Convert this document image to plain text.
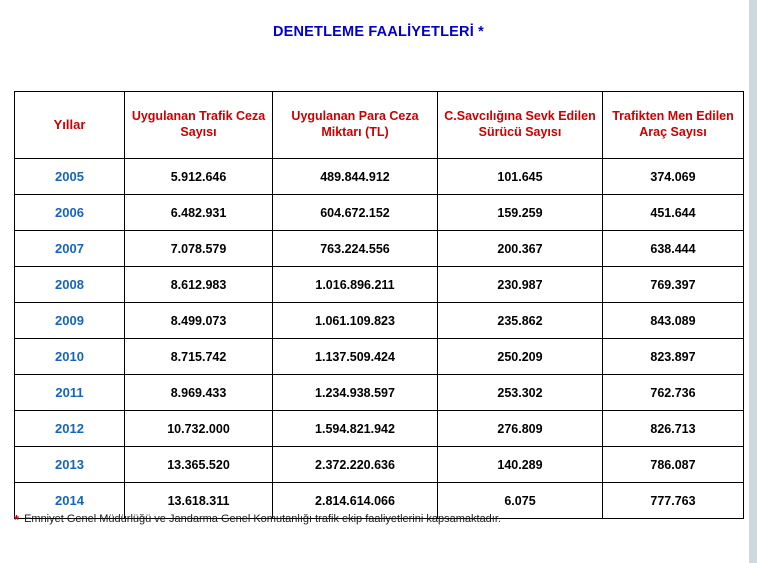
DENETLEME FAALİYETLERİ *
Yıllar	Uygulanan Trafik Ceza Sayısı	Uygulanan Para Ceza Miktarı (TL)	C.Savcılığına Sevk Edilen Sürücü Sayısı	Trafikten Men Edilen Araç Sayısı
2005	5.912.646	489.844.912	101.645	374.069
2006	6.482.931	604.672.152	159.259	451.644
2007	7.078.579	763.224.556	200.367	638.444
2008	8.612.983	1.016.896.211	230.987	769.397
2009	8.499.073	1.061.109.823	235.862	843.089
2010	8.715.742	1.137.509.424	250.209	823.897
2011	8.969.433	1.234.938.597	253.302	762.736
2012	10.732.000	1.594.821.942	276.809	826.713
2013	13.365.520	2.372.220.636	140.289	786.087
2014	13.618.311	2.814.614.066	6.075	777.763
* Emniyet Genel Müdürlüğü ve Jandarma Genel Komutanlığı trafik ekip faaliyetlerini kapsamaktadır.
